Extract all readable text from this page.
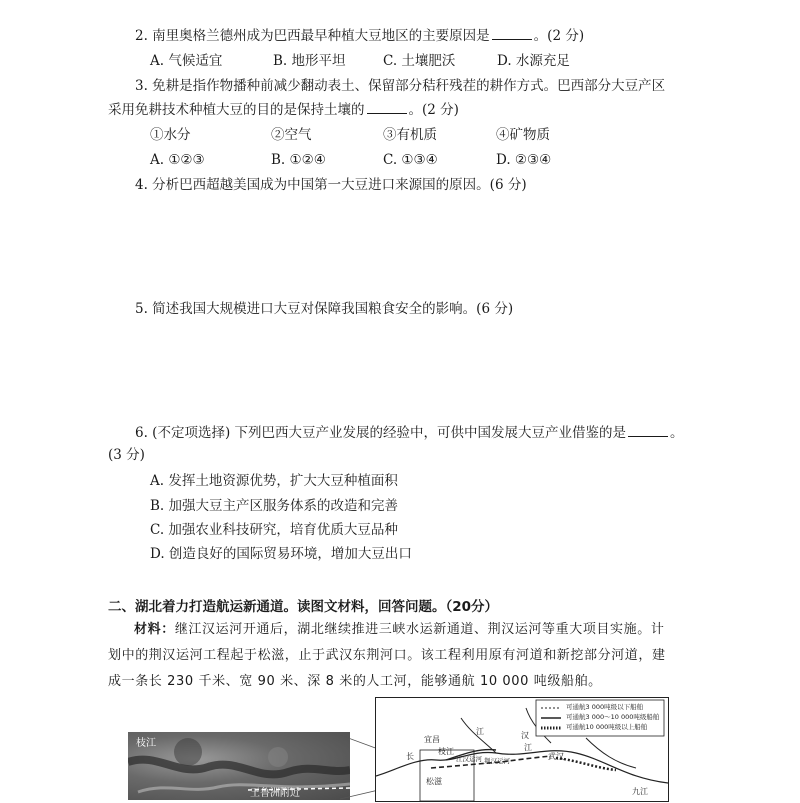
2. 南里奥格兰德州成为巴西最早种植大豆地区的主要原因是	。(2 分)
A. 气候适宜	B. 地形平坦	C. 土壤肥沃	D. 水源充足
3. 免耕是指作物播种前减少翻动表土、保留部分秸秆残茬的耕作方式。巴西部分大豆产区
采用免耕技术种植大豆的目的是保持土壤的	。(2 分)
①水分	②空气	③有机质	④矿物质
A. ①②③	B. ①②④	C. ①③④	D. ②③④
4. 分析巴西超越美国成为中国第一大豆进口来源国的原因。(6 分)
5. 简述我国大规模进口大豆对保障我国粮食安全的影响。(6 分)
6. (不定项选择) 下列巴西大豆产业发展的经验中，可供中国发展大豆产业借鉴的是	。
(3 分)
A. 发挥土地资源优势，扩大大豆种植面积
B. 加强大豆主产区服务体系的改造和完善
C. 加强农业科技研究，培育优质大豆品种
D. 创造良好的国际贸易环境，增加大豆出口
二、湖北着力打造航运新通道。读图文材料，回答问题。（20分）
材料：继江汉运河开通后，湖北继续推进三峡水运新通道、荆汉运河等重大项目实施。计
划中的荆汉运河工程起于松滋，止于武汉东荆河口。该工程利用原有河道和新挖部分河道，建
成一条长 230 千米、宽 90 米、深 8 米的人工河，能够通航 10 000 吨级船舶。
枝江
王鲁洲附近
可通航3 000吨级以下船舶
可通航3 000～10 000吨级船舶
可通航10 000吨级以上船舶
宜昌
枝江
松滋
荆汉运河
江汉运河	武汉
九江
长
江	汉
江
